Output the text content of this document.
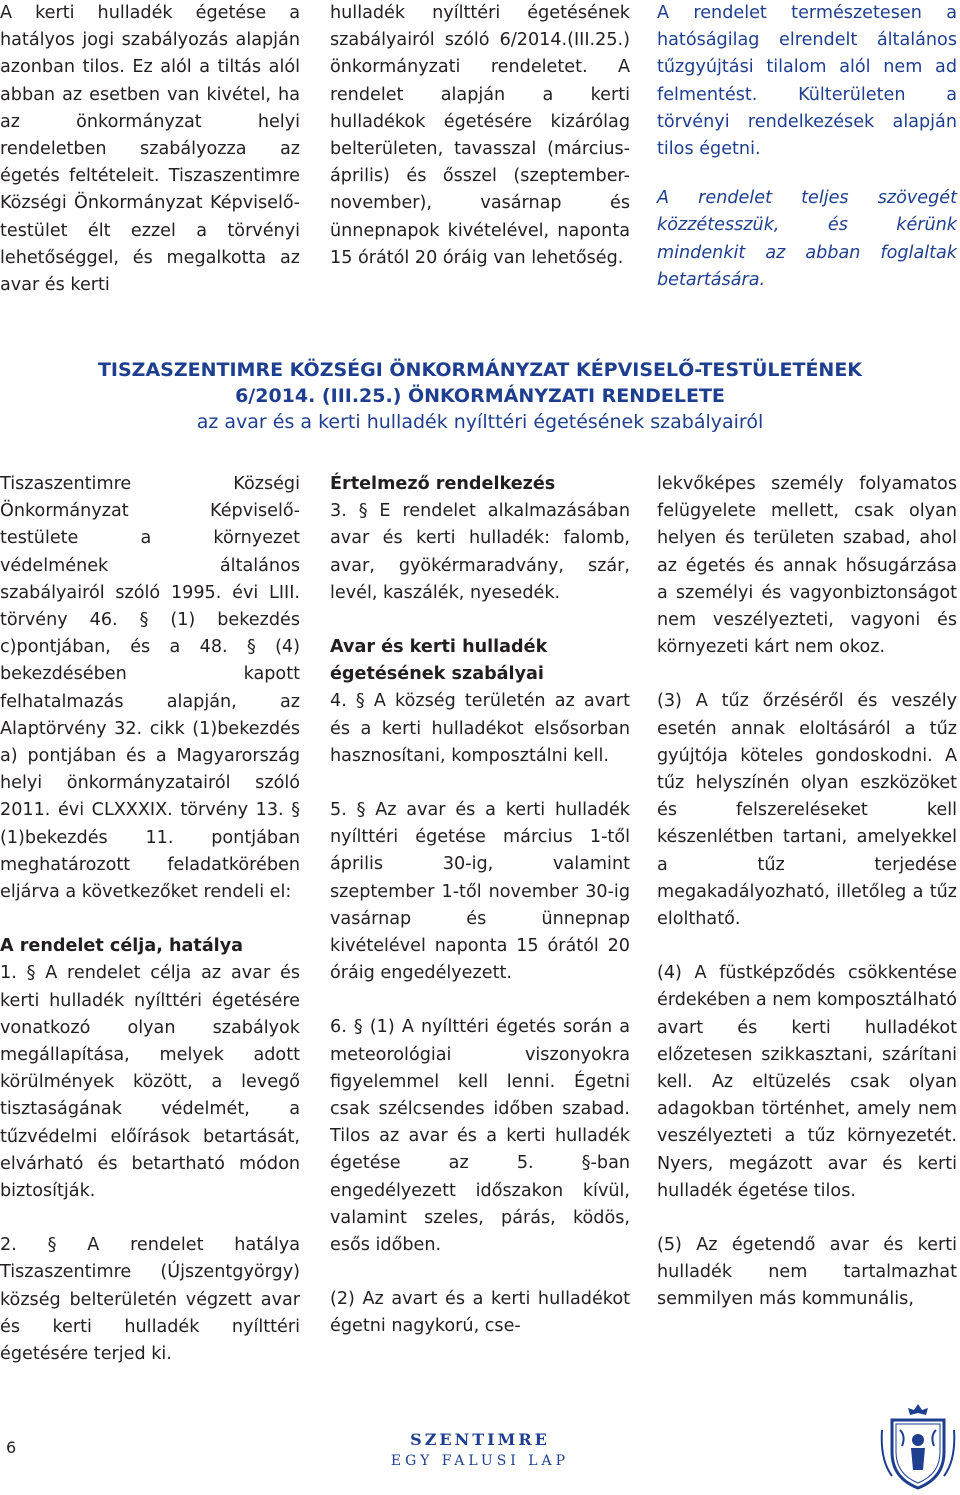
A kerti hulladék égetése a hatályos jogi szabályozás alapján azonban tilos. Ez alól a tiltás alól abban az esetben van kivétel, ha az önkormányzat helyi rendeletben szabályozza az égetés feltételeit. Tiszaszentimre Községi Önkormányzat Képviselő-testület élt ezzel a törvényi lehetőséggel, és megalkotta az avar és kerti

hulladék nyílttéri égetésének szabályairól szóló 6/2014.(III.25.) önkormányzati rendeletet. A rendelet alapján a kerti hulladékok égetésére kizárólag belterületen, tavasszal (március-április) és ősszel (szeptember-november), vasárnap és ünnepnapok kivételével, naponta 15 órától 20 óráig van lehetőség.

A rendelet természetesen a hatóságilag elrendelt általános tűzgyújtási tilalom alól nem ad felmentést. Külterületen a törvényi rendelkezések alapján tilos égetni.

A rendelet teljes szövegét közzétesszük, és kérünk mindenkit az abban foglaltak betartására.

TISZASZENTIMRE KÖZSÉGI ÖNKORMÁNYZAT KÉPVISELŐ-TESTÜLETÉNEK
6/2014. (III.25.) ÖNKORMÁNYZATI RENDELETE
az avar és a kerti hulladék nyílttéri égetésének szabályairól

Tiszaszentimre Községi Önkormányzat Képviselő-testülete a környezet védelmének általános szabályairól szóló 1995. évi LIII. törvény 46. § (1) bekezdés c)pontjában, és a 48. § (4) bekezdésében kapott felhatalmazás alapján, az Alaptörvény 32. cikk (1)bekezdés a) pontjában és a Magyarország helyi önkormányzatairól szóló 2011. évi CLXXXIX. törvény 13. § (1)bekezdés 11. pontjában meghatározott feladatkörében eljárva a következőket rendeli el:

A rendelet célja, hatálya

1. § A rendelet célja az avar és kerti hulladék nyílttéri égetésére vonatkozó olyan szabályok megállapítása, melyek adott körülmények között, a levegő tisztaságának védelmét, a tűzvédelmi előírások betartását, elvárható és betartható módon biztosítják.

2. § A rendelet hatálya Tiszaszentimre (Újszentgyörgy) község belterületén végzett avar és kerti hulladék nyílttéri égetésére terjed ki.

Értelmező rendelkezés

3. § E rendelet alkalmazásában avar és kerti hulladék: falomb, avar, gyökérmaradvány, szár, levél, kaszálék, nyesedék.

Avar és kerti hulladék égetésének szabályai

4. § A község területén az avart és a kerti hulladékot elsősorban hasznosítani, komposztálni kell.

5. § Az avar és a kerti hulladék nyílttéri égetése március 1-től április 30-ig, valamint szeptember 1-től november 30-ig vasárnap és ünnepnap kivételével naponta 15 órától 20 óráig engedélyezett.

6. § (1) A nyílttéri égetés során a meteorológiai viszonyokra figyelemmel kell lenni. Égetni csak szélcsendes időben szabad. Tilos az avar és a kerti hulladék égetése az 5. §-ban engedélyezett időszakon kívül, valamint szeles, párás, ködös, esős időben.

(2) Az avart és a kerti hulladékot égetni nagykorú, cse-

lekvőképes személy folyamatos felügyelete mellett, csak olyan helyen és területen szabad, ahol az égetés és annak hősugárzása a személyi és vagyonbiztonságot nem veszélyezteti, vagyoni és környezeti kárt nem okoz.

(3) A tűz őrzéséről és veszély esetén annak eloltásáról a tűz gyújtója köteles gondoskodni. A tűz helyszínén olyan eszközöket és felszereléseket kell készenlétben tartani, amelyekkel a tűz terjedése megakadályozható, illetőleg a tűz elolthatő.

(4) A füstképződés csökkentése érdekében a nem komposztálható avart és kerti hulladékot előzetesen szikkasztani, szárítani kell. Az eltüzelés csak olyan adagokban történhet, amely nem veszélyezteti a tűz környezetét. Nyers, megázott avar és kerti hulladék égetése tilos.

(5) Az égetendő avar és kerti hulladék nem tartalmazhat semmilyen más kommunális,

6	SZENTIMRE
EGY FALUSI LAP
